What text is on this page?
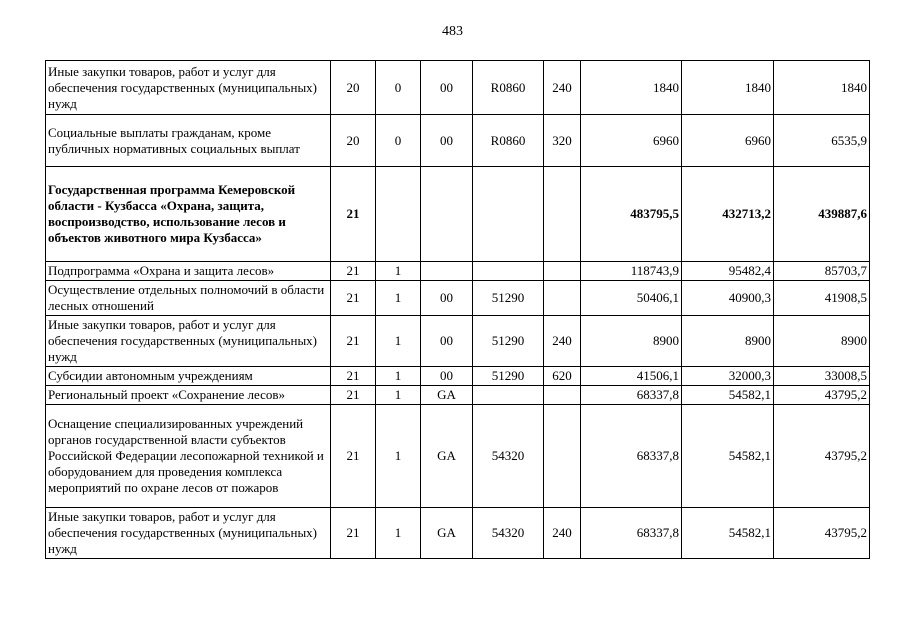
483
Иные закупки товаров, работ и услуг для обеспечения государственных (муниципальных) нужд	20	0	00	R0860	240	1840	1840	1840
Социальные выплаты гражданам, кроме публичных нормативных социальных выплат	20	0	00	R0860	320	6960	6960	6535,9
Государственная программа Кемеровской области - Кузбасса «Охрана, защита, воспроизводство, использование лесов и объектов животного мира Кузбасса»	21					483795,5	432713,2	439887,6
Подпрограмма «Охрана и защита лесов»	21	1				118743,9	95482,4	85703,7
Осуществление отдельных полномочий в области лесных отношений	21	1	00	51290		50406,1	40900,3	41908,5
Иные закупки товаров, работ и услуг для обеспечения государственных (муниципальных) нужд	21	1	00	51290	240	8900	8900	8900
Субсидии автономным учреждениям	21	1	00	51290	620	41506,1	32000,3	33008,5
Региональный проект «Сохранение лесов»	21	1	GA			68337,8	54582,1	43795,2
Оснащение специализированных учреждений органов государственной власти субъектов Российской Федерации лесопожарной техникой и оборудованием для проведения комплекса мероприятий по охране лесов от пожаров	21	1	GA	54320		68337,8	54582,1	43795,2
Иные закупки товаров, работ и услуг для обеспечения государственных (муниципальных) нужд	21	1	GA	54320	240	68337,8	54582,1	43795,2
